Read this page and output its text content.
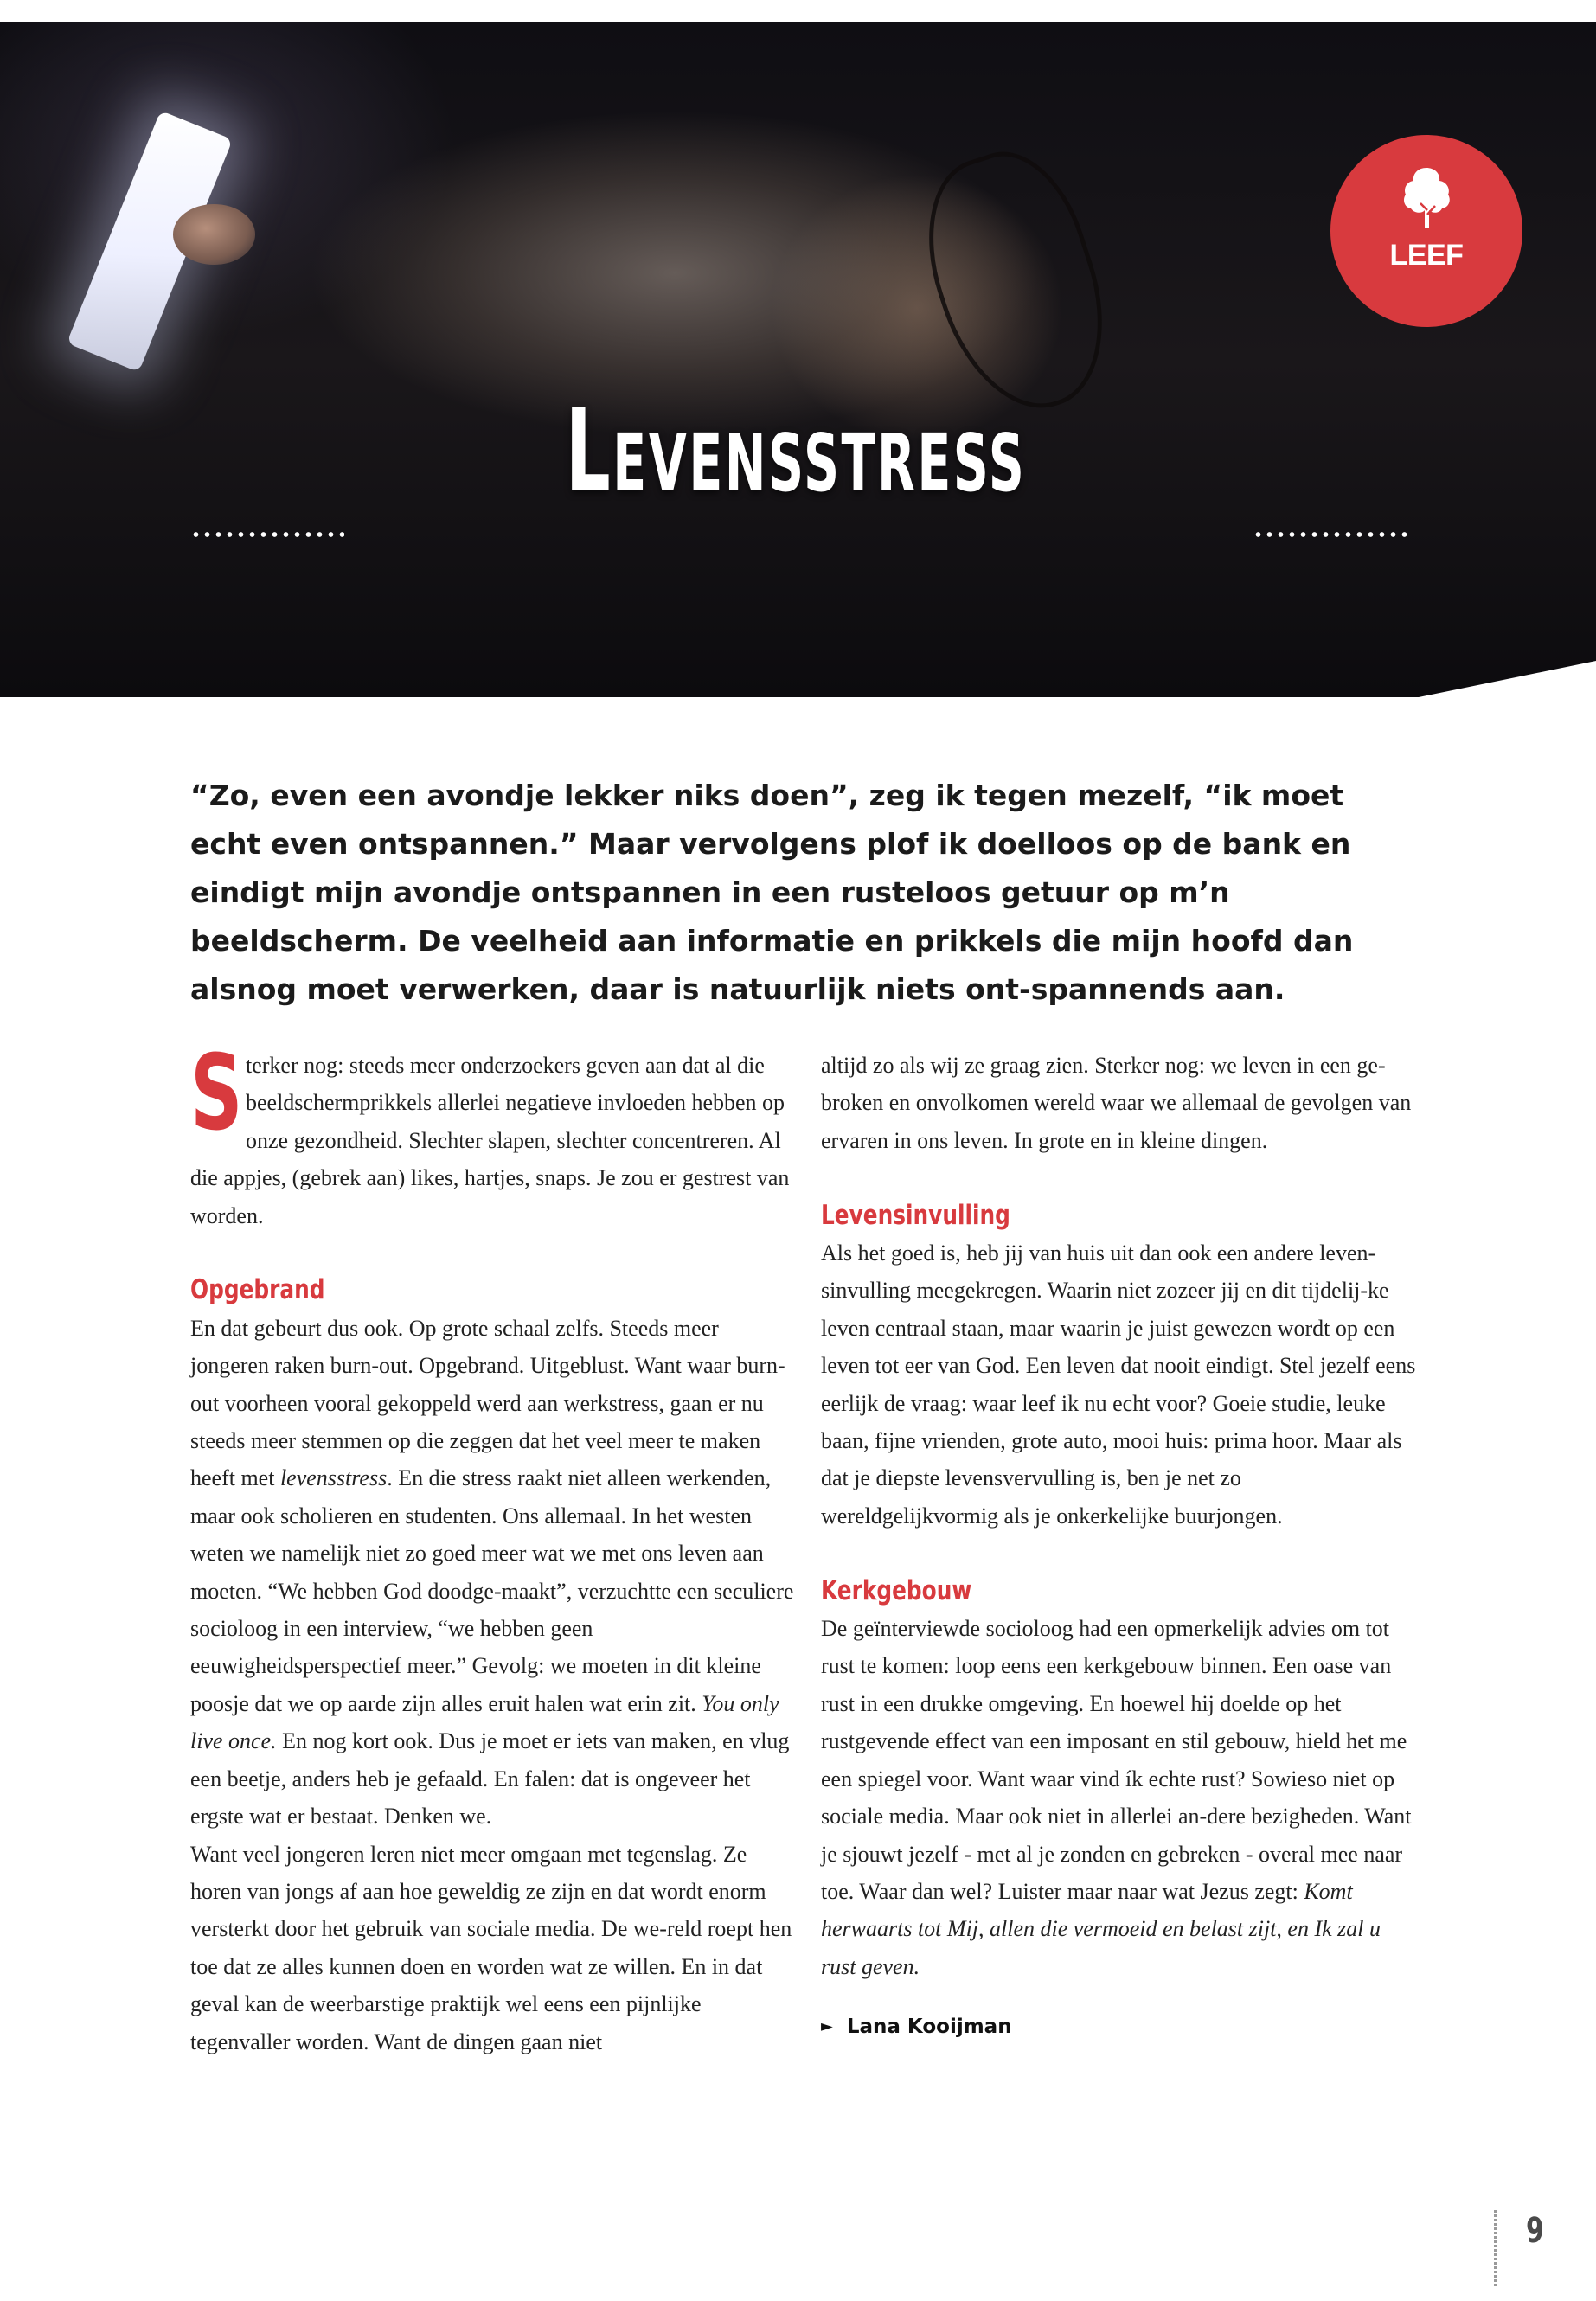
LEEF
Levensstress

“Zo, even een avondje lekker niks doen”, zeg ik tegen mezelf, “ik moet echt even ontspannen.” Maar vervolgens plof ik doelloos op de bank en eindigt mijn avondje ontspannen in een rusteloos getuur op m’n beeldscherm. De veelheid aan informatie en prikkels die mijn hoofd dan alsnog moet verwerken, daar is natuurlijk niets ont-spannends aan.

Sterker nog: steeds meer onderzoekers geven aan dat al die beeldschermprikkels allerlei negatieve invloeden hebben op onze gezondheid. Slechter slapen, slechter concentreren. Al die appjes, (gebrek aan) likes, hartjes, snaps. Je zou er gestrest van worden.

Opgebrand

En dat gebeurt dus ook. Op grote schaal zelfs. Steeds meer jongeren raken burn-out. Opgebrand. Uitgeblust. Want waar burn-out voorheen vooral gekoppeld werd aan werkstress, gaan er nu steeds meer stemmen op die zeggen dat het veel meer te maken heeft met levensstress. En die stress raakt niet alleen werkenden, maar ook scholieren en studenten. Ons allemaal. In het westen weten we namelijk niet zo goed meer wat we met ons leven aan moeten. “We hebben God doodge-maakt”, verzuchtte een seculiere socioloog in een interview, “we hebben geen eeuwigheidsperspectief meer.” Gevolg: we moeten in dit kleine poosje dat we op aarde zijn alles eruit halen wat erin zit. You only live once. En nog kort ook. Dus je moet er iets van maken, en vlug een beetje, anders heb je gefaald. En falen: dat is ongeveer het ergste wat er bestaat. Denken we.

Want veel jongeren leren niet meer omgaan met tegenslag. Ze horen van jongs af aan hoe geweldig ze zijn en dat wordt enorm versterkt door het gebruik van sociale media. De we-reld roept hen toe dat ze alles kunnen doen en worden wat ze willen. En in dat geval kan de weerbarstige praktijk wel eens een pijnlijke tegenvaller worden. Want de dingen gaan niet

altijd zo als wij ze graag zien. Sterker nog: we leven in een ge-broken en onvolkomen wereld waar we allemaal de gevolgen van ervaren in ons leven. In grote en in kleine dingen.

Levensinvulling

Als het goed is, heb jij van huis uit dan ook een andere leven-sinvulling meegekregen. Waarin niet zozeer jij en dit tijdelij-ke leven centraal staan, maar waarin je juist gewezen wordt op een leven tot eer van God. Een leven dat nooit eindigt. Stel jezelf eens eerlijk de vraag: waar leef ik nu echt voor? Goeie studie, leuke baan, fijne vrienden, grote auto, mooi huis: prima hoor. Maar als dat je diepste levensvervulling is, ben je net zo wereldgelijkvormig als je onkerkelijke buurjongen.

Kerkgebouw

De geïnterviewde socioloog had een opmerkelijk advies om tot rust te komen: loop eens een kerkgebouw binnen. Een oase van rust in een drukke omgeving. En hoewel hij doelde op het rustgevende effect van een imposant en stil gebouw, hield het me een spiegel voor. Want waar vind ík echte rust? Sowieso niet op sociale media. Maar ook niet in allerlei an-dere bezigheden. Want je sjouwt jezelf - met al je zonden en gebreken - overal mee naar toe. Waar dan wel? Luister maar naar wat Jezus zegt: Komt herwaarts tot Mij, allen die vermoeid en belast zijt, en Ik zal u rust geven.

► Lana Kooijman
9
